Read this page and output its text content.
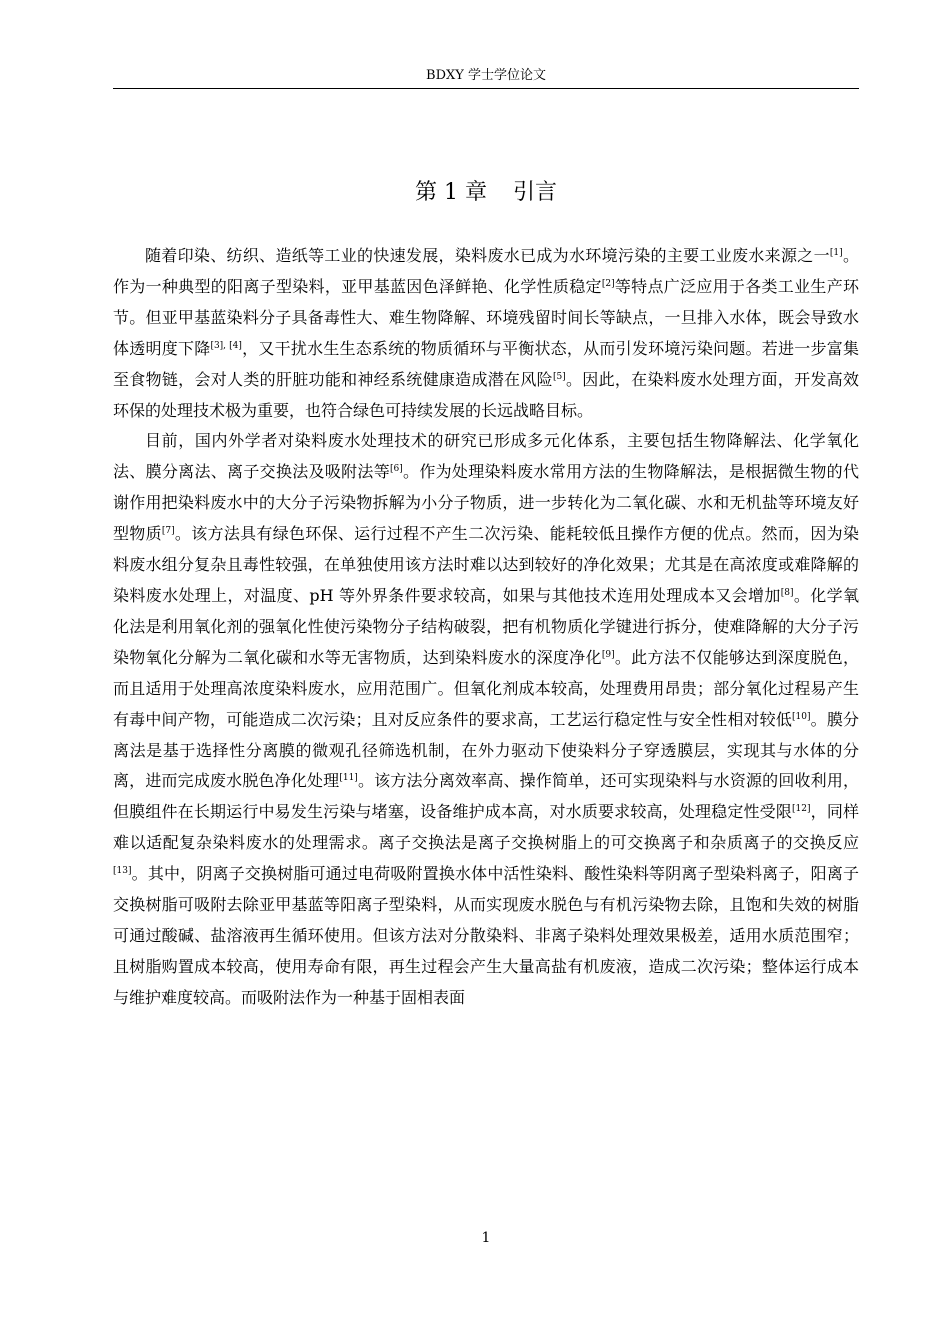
BDXY 学士学位论文
第 1 章 引言

随着印染、纺织、造纸等工业的快速发展，染料废水已成为水环境污染的主要工业废水来源之一[1]。作为一种典型的阳离子型染料，亚甲基蓝因色泽鲜艳、化学性质稳定[2]等特点广泛应用于各类工业生产环节。但亚甲基蓝染料分子具备毒性大、难生物降解、环境残留时间长等缺点，一旦排入水体，既会导致水体透明度下降[3], [4]，又干扰水生生态系统的物质循环与平衡状态，从而引发环境污染问题。若进一步富集至食物链，会对人类的肝脏功能和神经系统健康造成潜在风险[5]。因此，在染料废水处理方面，开发高效环保的处理技术极为重要，也符合绿色可持续发展的长远战略目标。

目前，国内外学者对染料废水处理技术的研究已形成多元化体系，主要包括生物降解法、化学氧化法、膜分离法、离子交换法及吸附法等[6]。作为处理染料废水常用方法的生物降解法，是根据微生物的代谢作用把染料废水中的大分子污染物拆解为小分子物质，进一步转化为二氧化碳、水和无机盐等环境友好型物质[7]。该方法具有绿色环保、运行过程不产生二次污染、能耗较低且操作方便的优点。然而，因为染料废水组分复杂且毒性较强，在单独使用该方法时难以达到较好的净化效果；尤其是在高浓度或难降解的染料废水处理上，对温度、pH 等外界条件要求较高，如果与其他技术连用处理成本又会增加[8]。化学氧化法是利用氧化剂的强氧化性使污染物分子结构破裂，把有机物质化学键进行拆分，使难降解的大分子污染物氧化分解为二氧化碳和水等无害物质，达到染料废水的深度净化[9]。此方法不仅能够达到深度脱色，而且适用于处理高浓度染料废水，应用范围广。但氧化剂成本较高，处理费用昂贵；部分氧化过程易产生有毒中间产物，可能造成二次污染；且对反应条件的要求高，工艺运行稳定性与安全性相对较低[10]。膜分离法是基于选择性分离膜的微观孔径筛选机制，在外力驱动下使染料分子穿透膜层，实现其与水体的分离，进而完成废水脱色净化处理[11]。该方法分离效率高、操作简单，还可实现染料与水资源的回收利用，但膜组件在长期运行中易发生污染与堵塞，设备维护成本高，对水质要求较高，处理稳定性受限[12]，同样难以适配复杂染料废水的处理需求。离子交换法是离子交换树脂上的可交换离子和杂质离子的交换反应[13]。其中，阴离子交换树脂可通过电荷吸附置换水体中活性染料、酸性染料等阴离子型染料离子，阳离子交换树脂可吸附去除亚甲基蓝等阳离子型染料，从而实现废水脱色与有机污染物去除，且饱和失效的树脂可通过酸碱、盐溶液再生循环使用。但该方法对分散染料、非离子染料处理效果极差，适用水质范围窄；且树脂购置成本较高，使用寿命有限，再生过程会产生大量高盐有机废液，造成二次污染；整体运行成本与维护难度较高。而吸附法作为一种基于固相表面

1
